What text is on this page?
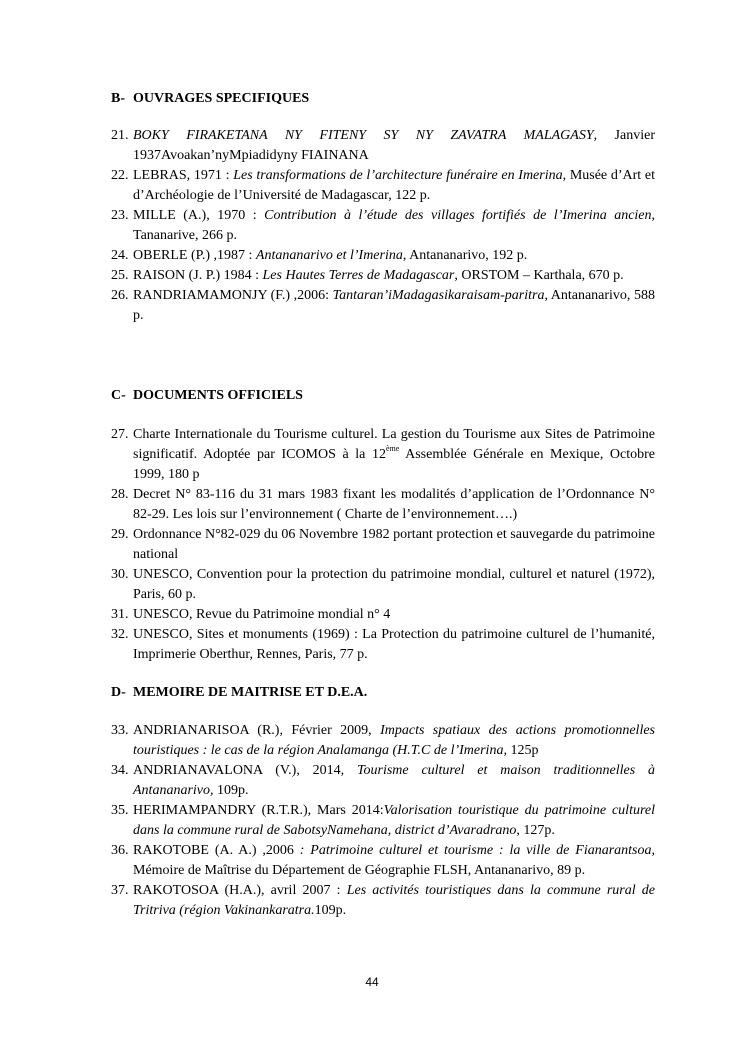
B- OUVRAGES SPECIFIQUES
21. BOKY FIRAKETANA NY FITENY SY NY ZAVATRA MALAGASY, Janvier 1937Avoakan’nyMpiadidyny FIAINANA
22. LEBRAS, 1971 : Les transformations de l’architecture funéraire en Imerina, Musée d’Art et d’Archéologie de l’Université de Madagascar, 122 p.
23. MILLE (A.), 1970 : Contribution à l’étude des villages fortifiés de l’Imerina ancien, Tananarive, 266 p.
24. OBERLE (P.) ,1987 : Antananarivo et l’Imerina, Antananarivo, 192 p.
25. RAISON (J. P.) 1984 : Les Hautes Terres de Madagascar, ORSTOM – Karthala, 670 p.
26. RANDRIAMAMONJY (F.) ,2006: Tantaran’iMadagasikaraisam-paritra, Antananarivo, 588 p.
C- DOCUMENTS OFFICIELS
27. Charte Internationale du Tourisme culturel. La gestion du Tourisme aux Sites de Patrimoine significatif. Adoptée par ICOMOS à la 12ème Assemblée Générale en Mexique, Octobre 1999, 180 p
28. Decret N° 83-116 du 31 mars 1983 fixant les modalités d’application de l’Ordonnance N° 82-29. Les lois sur l’environnement ( Charte de l’environnement….)
29. Ordonnance N°82-029 du 06 Novembre 1982 portant protection et sauvegarde du patrimoine national
30. UNESCO, Convention pour la protection du patrimoine mondial, culturel et naturel (1972), Paris, 60 p.
31. UNESCO, Revue du Patrimoine mondial n° 4
32. UNESCO, Sites et monuments (1969) : La Protection du patrimoine culturel de l’humanité, Imprimerie Oberthur, Rennes, Paris, 77 p.
D- MEMOIRE DE MAITRISE ET D.E.A.
33. ANDRIANARISOA (R.), Février 2009, Impacts spatiaux des actions promotionnelles touristiques : le cas de la région Analamanga (H.T.C de l’Imerina, 125p
34. ANDRIANAVALONA (V.), 2014, Tourisme culturel et maison traditionnelles à Antananarivo, 109p.
35. HERIMAMPANDRY (R.T.R.), Mars 2014:Valorisation touristique du patrimoine culturel dans la commune rural de SabotsyNamehana, district d’Avaradrano, 127p.
36. RAKOTOBE (A. A.) ,2006 : Patrimoine culturel et tourisme : la ville de Fianarantsoa, Mémoire de Maîtrise du Département de Géographie FLSH, Antananarivo, 89 p.
37. RAKOTOSOA (H.A.), avril 2007 : Les activités touristiques dans la commune rural de Tritriva (région Vakinankaratra.109p.
44
